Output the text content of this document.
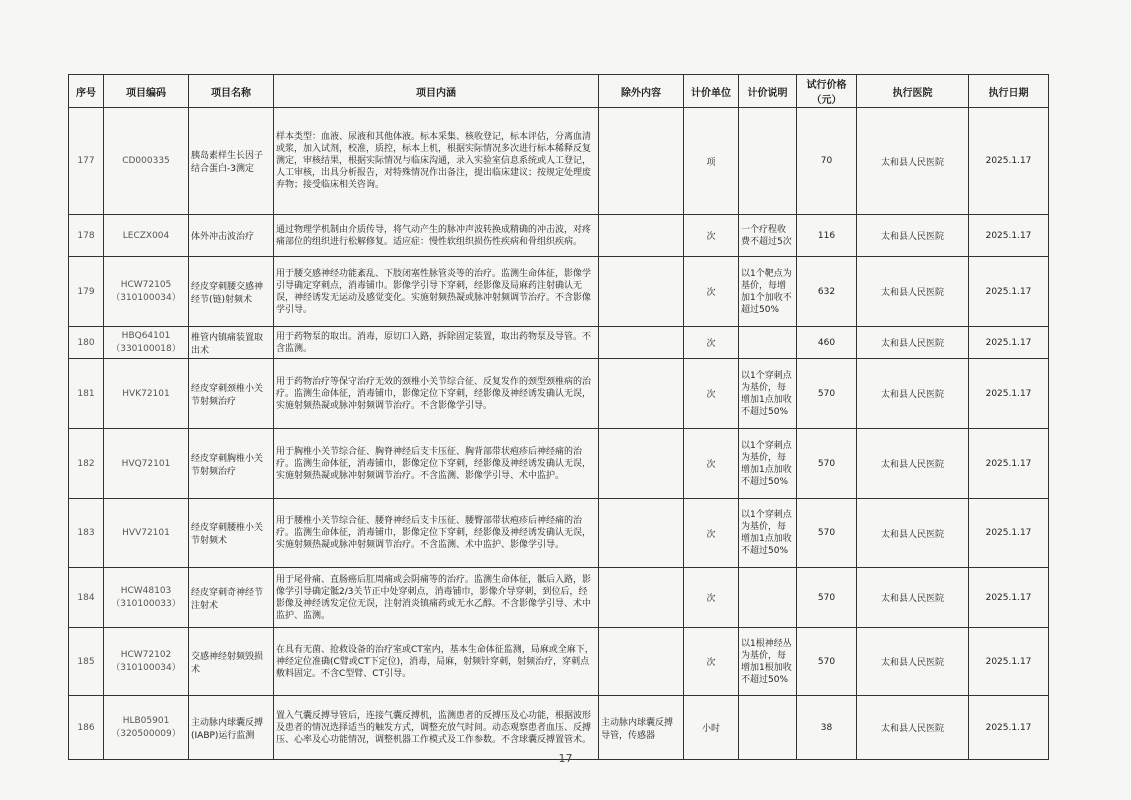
序号	项目编码	项目名称	项目内涵	除外内容	计价单位	计价说明	试行价格（元）	执行医院	执行日期
177	CD000335	胰岛素样生长因子结合蛋白-3测定	样本类型：血液、尿液和其他体液。标本采集、核收登记，标本评估，分离血清或浆，加入试剂，校准，质控，标本上机，根据实际情况多次进行标本稀释反复测定，审核结果，根据实际情况与临床沟通，录入实验室信息系统或人工登记，人工审核，出具分析报告，对特殊情况作出备注，提出临床建议；按规定处理废弃物；接受临床相关咨询。		项		70	太和县人民医院	2025.1.17
178	LECZX004	体外冲击波治疗	通过物理学机制由介质传导，将气动产生的脉冲声波转换成精确的冲击波，对疼痛部位的组织进行松解修复。适应症：慢性软组织损伤性疾病和骨组织疾病。		次	一个疗程收费不超过5次	116	太和县人民医院	2025.1.17
179	HCW72105（310100034）	经皮穿刺腰交感神经节(链)射频术	用于腰交感神经功能紊乱、下肢闭塞性脉管炎等的治疗。监测生命体征，影像学引导确定穿刺点，消毒铺巾。影像学引导下穿刺，经影像及局麻药注射确认无误，神经诱发无运动及感觉变化。实施射频热凝或脉冲射频调节治疗。不含影像学引导。		次	以1个靶点为基价，每增加1个加收不超过50%	632	太和县人民医院	2025.1.17
180	HBQ64101（330100018）	椎管内镇痛装置取出术	用于药物泵的取出。消毒，原切口入路，拆除固定装置，取出药物泵及导管。不含监测。		次		460	太和县人民医院	2025.1.17
181	HVK72101	经皮穿刺颈椎小关节射频治疗	用于药物治疗等保守治疗无效的颈椎小关节综合征、反复发作的颈型颈椎病的治疗。监测生命体征，消毒铺巾，影像定位下穿刺，经影像及神经诱发确认无误，实施射频热凝或脉冲射频调节治疗。不含影像学引导。		次	以1个穿刺点为基价，每增加1点加收不超过50%	570	太和县人民医院	2025.1.17
182	HVQ72101	经皮穿刺胸椎小关节射频治疗	用于胸椎小关节综合征、胸脊神经后支卡压征、胸背部带状疱疹后神经痛的治疗。监测生命体征，消毒铺巾，影像定位下穿刺，经影像及神经诱发确认无误，实施射频热凝或脉冲射频调节治疗。不含监测、影像学引导、术中监护。		次	以1个穿刺点为基价，每增加1点加收不超过50%	570	太和县人民医院	2025.1.17
183	HVV72101	经皮穿刺腰椎小关节射频术	用于腰椎小关节综合征、腰脊神经后支卡压征、腰臀部带状疱疹后神经痛的治疗。监测生命体征，消毒铺巾，影像定位下穿刺，经影像及神经诱发确认无误，实施射频热凝或脉冲射频调节治疗。不含监测、术中监护、影像学引导。		次	以1个穿刺点为基价，每增加1点加收不超过50%	570	太和县人民医院	2025.1.17
184	HCW48103（310100033）	经皮穿刺奇神经节注射术	用于尾骨痛、直肠癌后肛周痛或会阴痛等的治疗。监测生命体征，骶后入路，影像学引导确定骶2/3关节正中处穿刺点，消毒铺巾，影像介导穿刺，到位后，经影像及神经诱发定位无误，注射消炎镇痛药或无水乙醇。不含影像学引导、术中监护、监测。		次		570	太和县人民医院	2025.1.17
185	HCW72102（310100034）	交感神经射频毁损术	在具有无菌、抢救设备的治疗室或CT室内，基本生命体征监测，局麻或全麻下，神经定位准确(C臂或CT下定位)，消毒，局麻，射频针穿刺，射频治疗，穿刺点敷料固定。不含C型臂、CT引导。		次	以1根神经丛为基价，每增加1根加收不超过50%	570	太和县人民医院	2025.1.17
186	HLB05901（320500009）	主动脉内球囊反搏(IABP)运行监测	置入气囊反搏导管后，连接气囊反搏机，监测患者的反搏压及心功能，根据波形及患者的情况选择适当的触发方式，调整充放气时间。动态观察患者血压、反搏压、心率及心功能情况，调整机器工作模式及工作参数。不含球囊反搏置管术。	主动脉内球囊反搏导管，传感器	小时		38	太和县人民医院	2025.1.17
17
